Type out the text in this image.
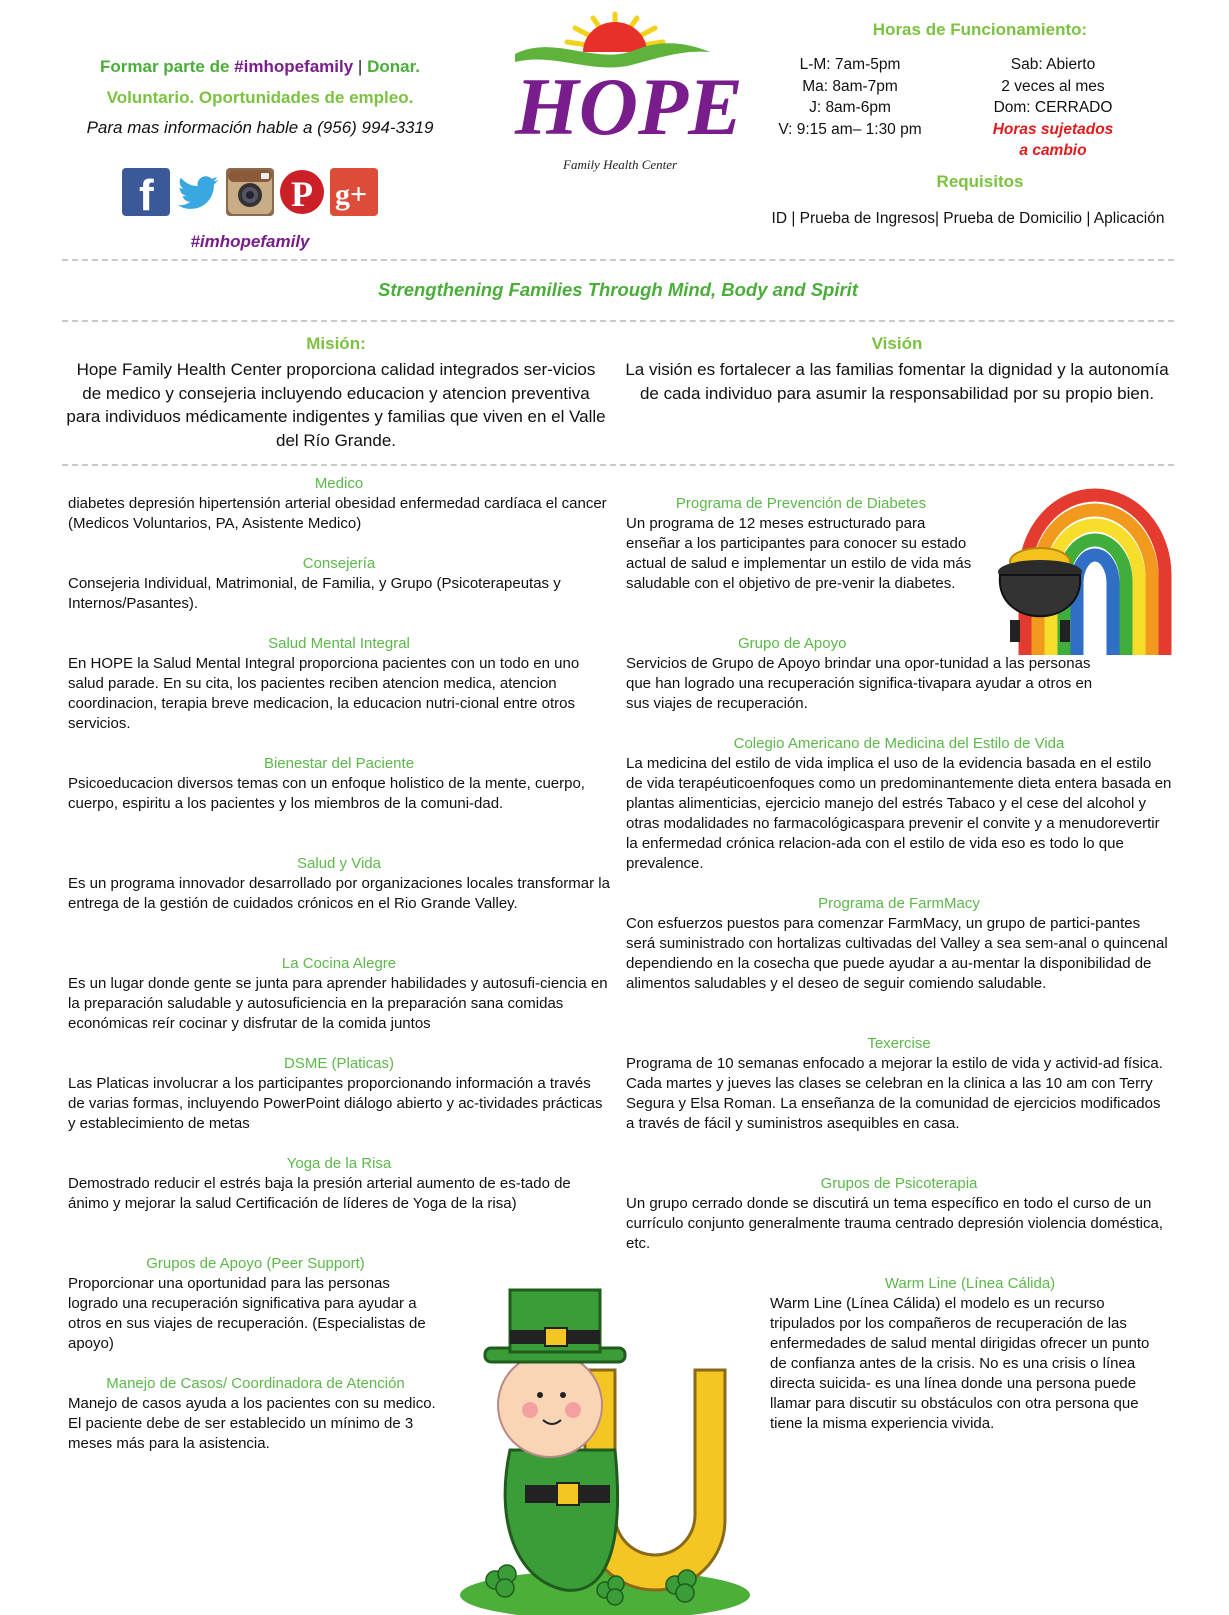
Formar parte de #imhopefamily | Donar.
Voluntario. Oportunidades de empleo.
Para mas información hable a (956) 994-3319
f	P g+
#imhopefamily
HOPE
Family Health Center
Horas de Funcionamiento:
L-M: 7am-5pm
Ma: 8am-7pm
J: 8am-6pm
V: 9:15 am– 1:30 pm
Sab: Abierto
2 veces al mes
Dom: CERRADO
Horas sujetados
a cambio
Requisitos
ID | Prueba de Ingresos| Prueba de Domicilio | Aplicación
Strengthening Families Through Mind, Body and Spirit
Misión:
Hope Family Health Center proporciona calidad integrados ser-vicios de medico y consejeria incluyendo educacion y atencion preventiva para individuos médicamente indigentes y familias que viven en el Valle del Río Grande.
Visión
La visión es fortalecer a las familias fomentar la dignidad y la autonomía de cada individuo para asumir la responsabilidad por su propio bien.
Medico
diabetes depresión hipertensión arterial obesidad enfermedad cardíaca el cancer (Medicos Voluntarios, PA, Asistente Medico)
Consejería
Consejeria Individual, Matrimonial, de Familia, y Grupo (Psicoterapeutas y Internos/Pasantes).
Salud Mental Integral
En HOPE la Salud Mental Integral proporciona pacientes con un todo en uno salud parade. En su cita, los pacientes reciben atencion medica, atencion coordinacion, terapia breve medicacion, la educacion nutri-cional entre otros servicios.
Bienestar del Paciente
Psicoeducacion diversos temas con un enfoque holistico de la mente, cuerpo, cuerpo, espiritu a los pacientes y los miembros de la comuni-dad.
Salud y Vida
Es un programa innovador desarrollado por organizaciones locales transformar la entrega de la gestión de cuidados crónicos en el Rio Grande Valley.
La Cocina Alegre
Es un lugar donde gente se junta para aprender habilidades y autosufi-ciencia en la preparación saludable y autosuficiencia en la preparación sana comidas económicas reír cocinar y disfrutar de la comida juntos
DSME (Platicas)
Las Platicas involucrar a los participantes proporcionando información a través de varias formas, incluyendo PowerPoint diálogo abierto y ac-tividades prácticas y establecimiento de metas
Yoga de la Risa
Demostrado reducir el estrés baja la presión arterial aumento de es-tado de ánimo y mejorar la salud Certificación de líderes de Yoga de la risa)
Grupos de Apoyo (Peer Support)
Proporcionar una oportunidad para las personas logrado una recuperación significativa para ayudar a otros en sus viajes de recuperación. (Especialistas de apoyo)
Manejo de Casos/ Coordinadora de Atención
Manejo de casos ayuda a los pacientes con su medico. El paciente debe de ser establecido un mínimo de 3 meses más para la asistencia.
Programa de Prevención de Diabetes
Un programa de 12 meses estructurado para enseñar a los participantes para conocer su estado actual de salud e implementar un estilo de vida más saludable con el objetivo de pre-venir la diabetes.
Grupo de Apoyo
Servicios de Grupo de Apoyo brindar una opor-tunidad a las personas que han logrado una recuperación significa-tivapara ayudar a otros en sus viajes de recuperación.
Colegio Americano de Medicina del Estilo de Vida
La medicina del estilo de vida implica el uso de la evidencia basada en el estilo de vida terapéuticoenfoques como un predominantemente dieta entera basada en plantas alimenticias, ejercicio manejo del estrés Tabaco y el cese del alcohol y otras modalidades no farmacológicaspara prevenir el convite y a menudorevertir la enfermedad crónica relacion-ada con el estilo de vida eso es todo lo que prevalence.
Programa de FarmMacy
Con esfuerzos puestos para comenzar FarmMacy, un grupo de partici-pantes será suministrado con hortalizas cultivadas del Valley a sea sem-anal o quincenal dependiendo en la cosecha que puede ayudar a au-mentar la disponibilidad de alimentos saludables y el deseo de seguir comiendo saludable.
Texercise
Programa de 10 semanas enfocado a mejorar la estilo de vida y activid-ad física. Cada martes y jueves las clases se celebran en la clinica a las 10 am con Terry Segura y Elsa Roman. La enseñanza de la comunidad de ejercicios modificados a través de fácil y suministros asequibles en casa.
Grupos de Psicoterapia
Un grupo cerrado donde se discutirá un tema específico en todo el curso de un currículo conjunto generalmente trauma centrado depresión violencia doméstica, etc.
Warm Line (Línea Cálida)
Warm Line (Línea Cálida) el modelo es un recurso tripulados por los compañeros de recuperación de las enfermedades de salud mental dirigidas ofrecer un punto de confianza antes de la crisis. No es una crisis o línea directa suicida- es una línea donde una persona puede llamar para discutir su obstáculos con otra persona que tiene la misma experiencia vivida.
